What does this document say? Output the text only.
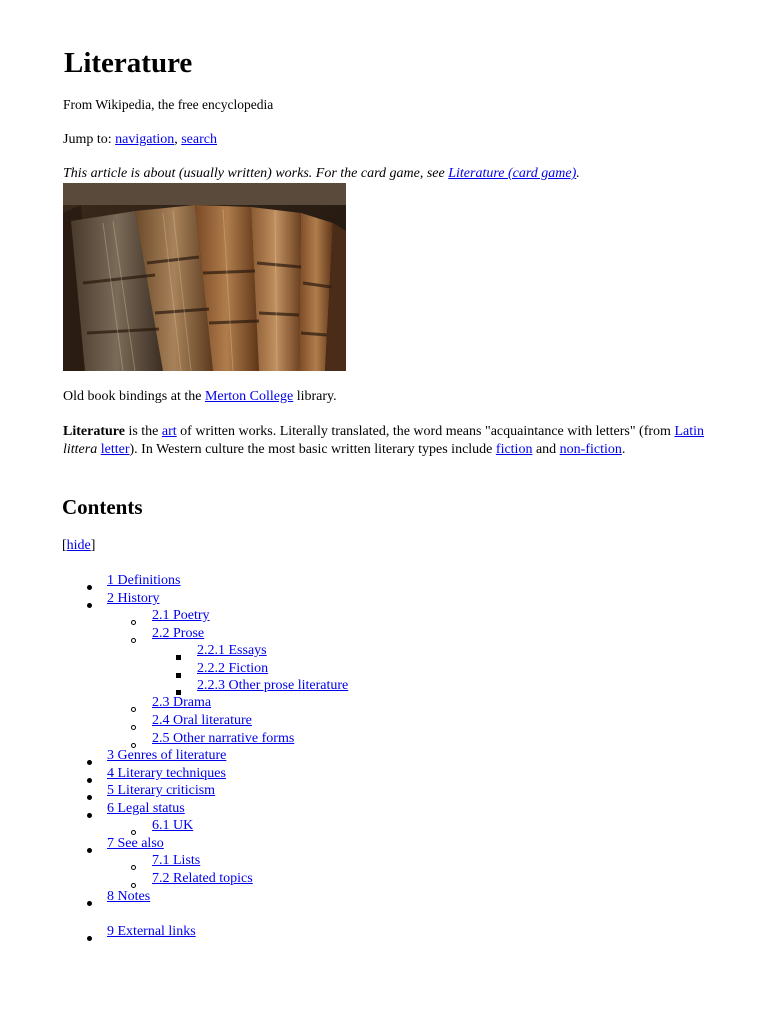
Literature
From Wikipedia, the free encyclopedia
Jump to: navigation, search
This article is about (usually written) works. For the card game, see Literature (card game).
Old book bindings at the Merton College library.
Literature is the art of written works. Literally translated, the word means "acquaintance with letters" (from Latin littera letter). In Western culture the most basic written literary types include fiction and non-fiction.
Contents
[hide]
1 Definitions
2 History
2.1 Poetry
2.2 Prose
2.2.1 Essays
2.2.2 Fiction
2.2.3 Other prose literature
2.3 Drama
2.4 Oral literature
2.5 Other narrative forms
3 Genres of literature
4 Literary techniques
5 Literary criticism
6 Legal status
6.1 UK
7 See also
7.1 Lists
7.2 Related topics
8 Notes
9 External links
